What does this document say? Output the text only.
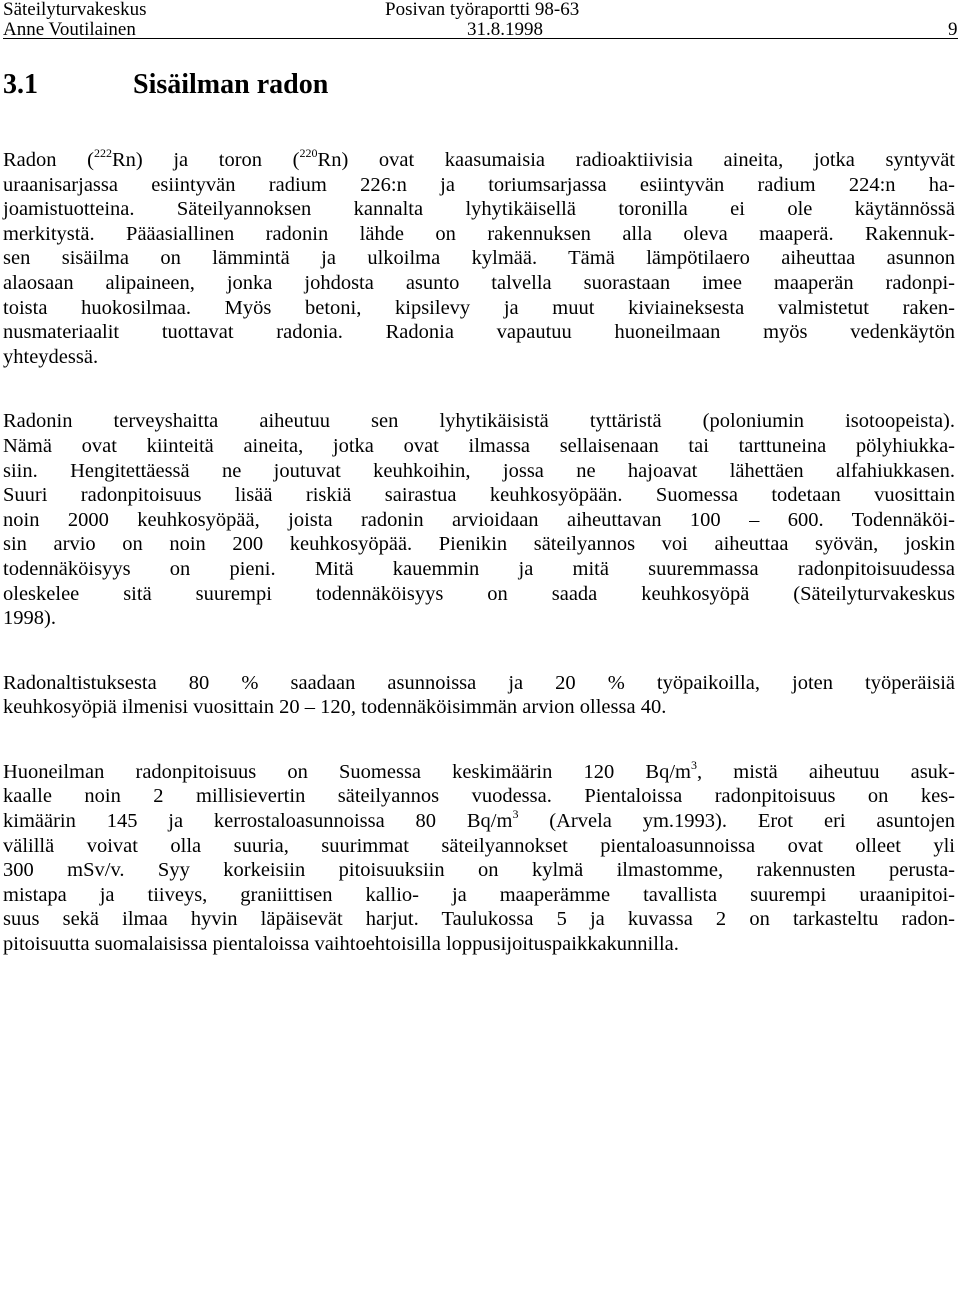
Säteilyturvakeskus
Anne Voutilainen
Posivan työraportti 98-63
31.8.1998	9
3.1	Sisäilman radon
Radon ($^{222}$Rn) ja toron ($^{220}$Rn) ovat kaasumaisia radioaktiivisia aineita, jotka syntyvät
uraanisarjassa esiintyvän radium 226:n ja toriumsarjassa esiintyvän radium 224:n ha-
joamistuotteina. Säteilyannoksen kannalta lyhytikäisellä toronilla ei ole käytännössä
merkitystä. Pääasiallinen radonin lähde on rakennuksen alla oleva maaperä. Rakennuk-
sen sisäilma on lämmintä ja ulkoilma kylmää. Tämä lämpötilaero aiheuttaa asunnon
alaosaan alipaineen, jonka johdosta asunto talvella suorastaan imee maaperän radonpi-
toista huokosilmaa. Myös betoni, kipsilevy ja muut kiviaineksesta valmistetut raken-
nusmateriaalit tuottavat radonia. Radonia vapautuu huoneilmaan myös vedenkäytön
yhteydessä.
Radonin terveyshaitta aiheutuu sen lyhytikäisistä tyttäristä (poloniumin isotoopeista).
Nämä ovat kiinteitä aineita, jotka ovat ilmassa sellaisenaan tai tarttuneina pölyhiukka-
siin. Hengitettäessä ne joutuvat keuhkoihin, jossa ne hajoavat lähettäen alfahiukkasen.
Suuri radonpitoisuus lisää riskiä sairastua keuhkosyöpään. Suomessa todetaan vuosittain
noin 2000 keuhkosyöpää, joista radonin arvioidaan aiheuttavan 100 – 600. Todennäköi-
sin arvio on noin 200 keuhkosyöpää. Pienikin säteilyannos voi aiheuttaa syövän, joskin
todennäköisyys on pieni. Mitä kauemmin ja mitä suuremmassa radonpitoisuudessa
oleskelee sitä suurempi todennäköisyys on saada keuhkosyöpä (Säteilyturvakeskus
1998).
Radonaltistuksesta 80 % saadaan asunnoissa ja 20 % työpaikoilla, joten työperäisiä
keuhkosyöpiä ilmenisi vuosittain 20 – 120, todennäköisimmän arvion ollessa 40.
Huoneilman radonpitoisuus on Suomessa keskimäärin 120 $Bq/m^3$, mistä aiheutuu asuk-
kaalle noin 2 millisievertin säteilyannos vuodessa. Pientaloissa radonpitoisuus on kes-
kimäärin 145 ja kerrostaloasunnoissa 80 $Bq/m^3$ (Arvela ym.1993). Erot eri asuntojen
välillä voivat olla suuria, suurimmat säteilyannokset pientaloasunnoissa ovat olleet yli
300 mSv/v. Syy korkeisiin pitoisuuksiin on kylmä ilmastomme, rakennusten perusta-
mistapa ja tiiveys, graniittisen kallio- ja maaperämme tavallista suurempi uraanipitoi-
suus sekä ilmaa hyvin läpäisevät harjut. Taulukossa 5 ja kuvassa 2 on tarkasteltu radon-
pitoisuutta suomalaisissa pientaloissa vaihtoehtoisilla loppusijoituspaikkakunnilla.
